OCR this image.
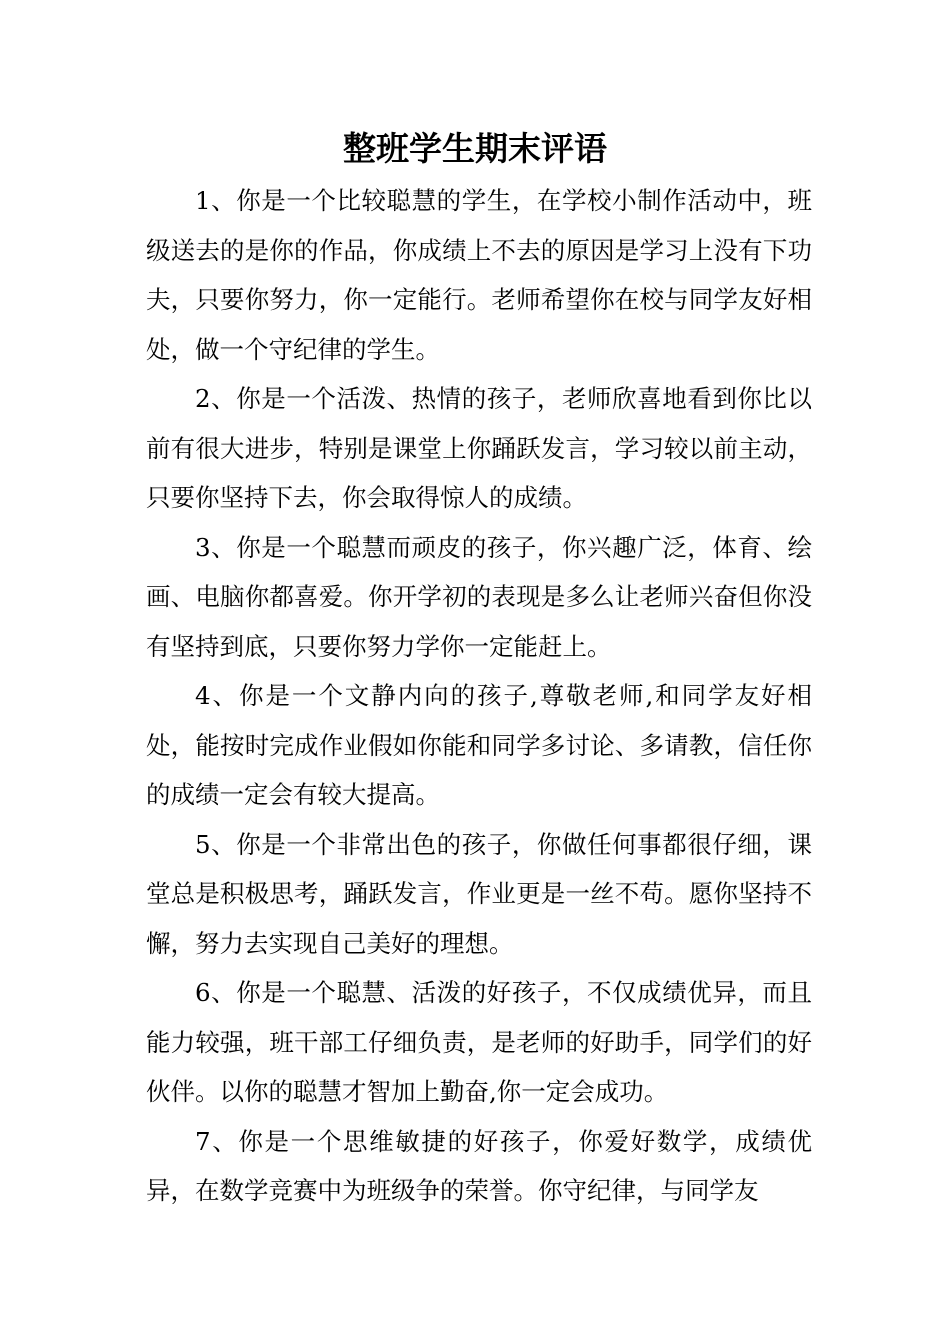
整班学生期末评语

1、你是一个比较聪慧的学生，在学校小制作活动中，班级送去的是你的作品，你成绩上不去的原因是学习上没有下功夫，只要你努力，你一定能行。老师希望你在校与同学友好相处，做一个守纪律的学生。

2、你是一个活泼、热情的孩子，老师欣喜地看到你比以前有很大进步，特别是课堂上你踊跃发言，学习较以前主动，只要你坚持下去，你会取得惊人的成绩。

3、你是一个聪慧而顽皮的孩子，你兴趣广泛，体育、绘画、电脑你都喜爱。你开学初的表现是多么让老师兴奋但你没有坚持到底，只要你努力学你一定能赶上。

4、你是一个文静内向的孩子,尊敬老师,和同学友好相处，能按时完成作业假如你能和同学多讨论、多请教，信任你的成绩一定会有较大提高。

5、你是一个非常出色的孩子，你做任何事都很仔细，课堂总是积极思考，踊跃发言，作业更是一丝不苟。愿你坚持不懈，努力去实现自己美好的理想。

6、你是一个聪慧、活泼的好孩子，不仅成绩优异，而且能力较强，班干部工仔细负责，是老师的好助手，同学们的好伙伴。以你的聪慧才智加上勤奋,你一定会成功。

7、你是一个思维敏捷的好孩子，你爱好数学，成绩优异，在数学竞赛中为班级争的荣誉。你守纪律，与同学友
